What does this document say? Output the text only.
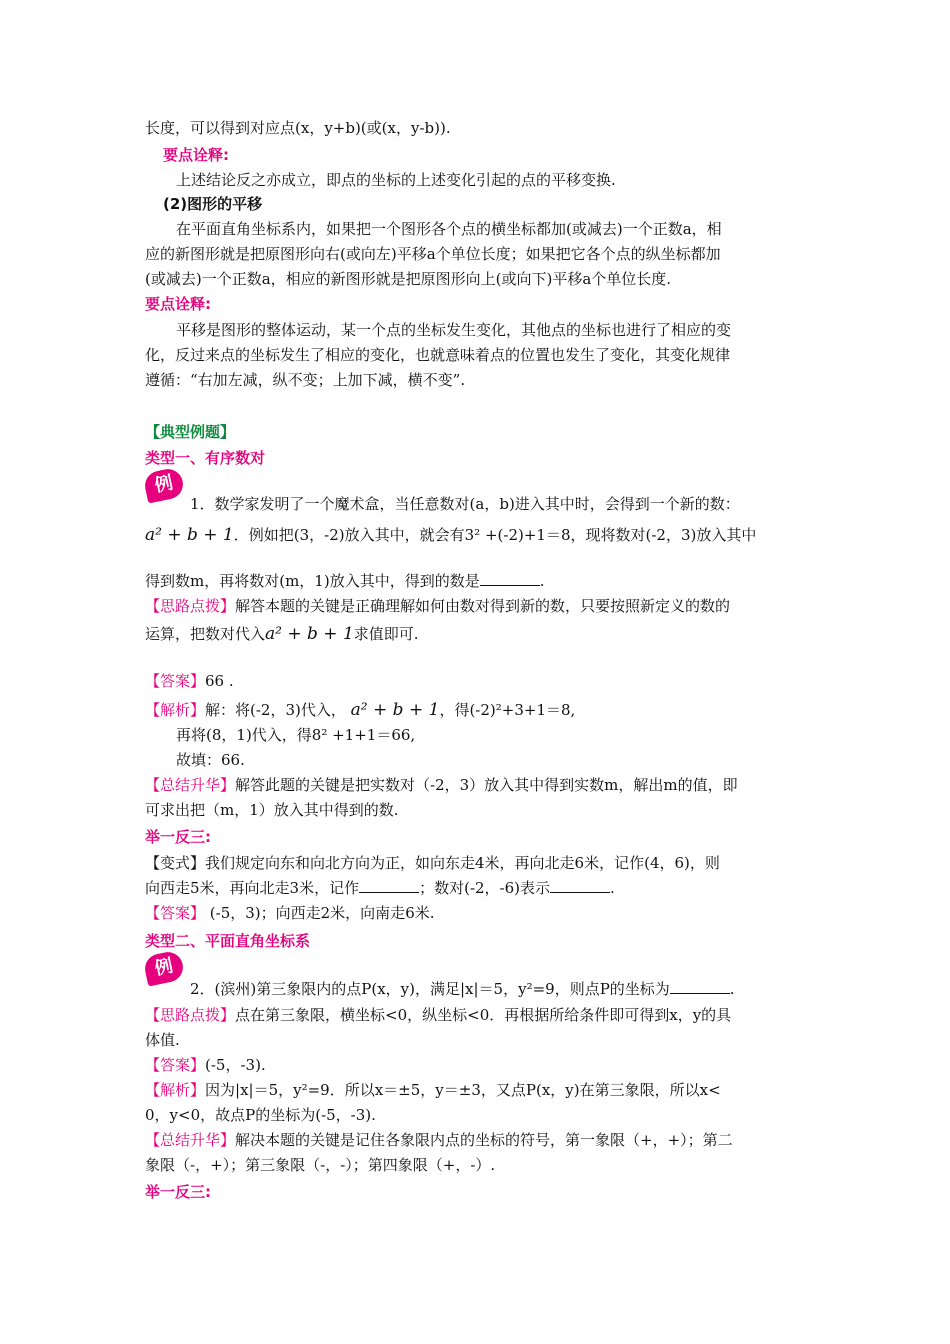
长度，可以得到对应点(x，y+b)(或(x，y-b)).
要点诠释:
上述结论反之亦成立，即点的坐标的上述变化引起的点的平移变换.
(2)图形的平移
在平面直角坐标系内，如果把一个图形各个点的横坐标都加(或减去)一个正数a，相
应的新图形就是把原图形向右(或向左)平移a个单位长度；如果把它各个点的纵坐标都加
(或减去)一个正数a，相应的新图形就是把原图形向上(或向下)平移a个单位长度.
要点诠释:
平移是图形的整体运动，某一个点的坐标发生变化，其他点的坐标也进行了相应的变
化，反过来点的坐标发生了相应的变化，也就意味着点的位置也发生了变化，其变化规律
遵循：“右加左减，纵不变；上加下减，横不变”.
【典型例题】
类型一、有序数对
例
1．数学家发明了一个魔术盒，当任意数对(a，b)进入其中时，会得到一个新的数：
a² + b + 1．例如把(3，-2)放入其中，就会有3² +(-2)+1＝8，现将数对(-2，3)放入其中
得到数m，再将数对(m，1)放入其中，得到的数是	.
【思路点拨】解答本题的关键是正确理解如何由数对得到新的数，只要按照新定义的数的
运算，把数对代入a² + b + 1求值即可.
【答案】66 .
【解析】解：将(-2，3)代入， a² + b + 1，得(-2)²+3+1＝8,
再将(8，1)代入，得8² +1+1＝66,
故填：66.
【总结升华】解答此题的关键是把实数对（-2，3）放入其中得到实数m，解出m的值，即
可求出把（m，1）放入其中得到的数.
举一反三:
【变式】我们规定向东和向北方向为正，如向东走4米，再向北走6米，记作(4，6)，则
向西走5米，再向北走3米，记作	；数对(-2，-6)表示	.
【答案】 (-5，3)；向西走2米，向南走6米.
类型二、平面直角坐标系
例
2．(滨州)第三象限内的点P(x，y)，满足|x|＝5，y²=9，则点P的坐标为	.
【思路点拨】点在第三象限，横坐标<0，纵坐标<0．再根据所给条件即可得到x，y的具
体值.
【答案】(-5，-3).
【解析】因为|x|＝5，y²=9．所以x＝±5，y＝±3，又点P(x，y)在第三象限，所以x<
0，y<0，故点P的坐标为(-5，-3).
【总结升华】解决本题的关键是记住各象限内点的坐标的符号，第一象限（+，+）；第二
象限（-，+）；第三象限（-，-）；第四象限（+，-）.
举一反三:
